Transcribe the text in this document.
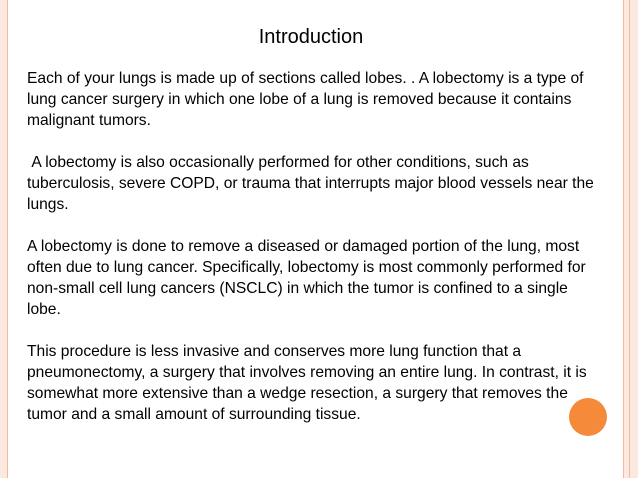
Introduction

Each of your lungs is made up of sections called lobes. . A lobectomy is a type of lung cancer surgery in which one lobe of a lung is removed because it contains malignant tumors.

A lobectomy is also occasionally performed for other conditions, such as tuberculosis, severe COPD, or trauma that interrupts major blood vessels near the lungs.

A lobectomy is done to remove a diseased or damaged portion of the lung, most often due to lung cancer. Specifically, lobectomy is most commonly performed for non-small cell lung cancers (NSCLC) in which the tumor is confined to a single lobe.

This procedure is less invasive and conserves more lung function that a pneumonectomy, a surgery that involves removing an entire lung. In contrast, it is somewhat more extensive than a wedge resection, a surgery that removes the tumor and a small amount of surrounding tissue.
